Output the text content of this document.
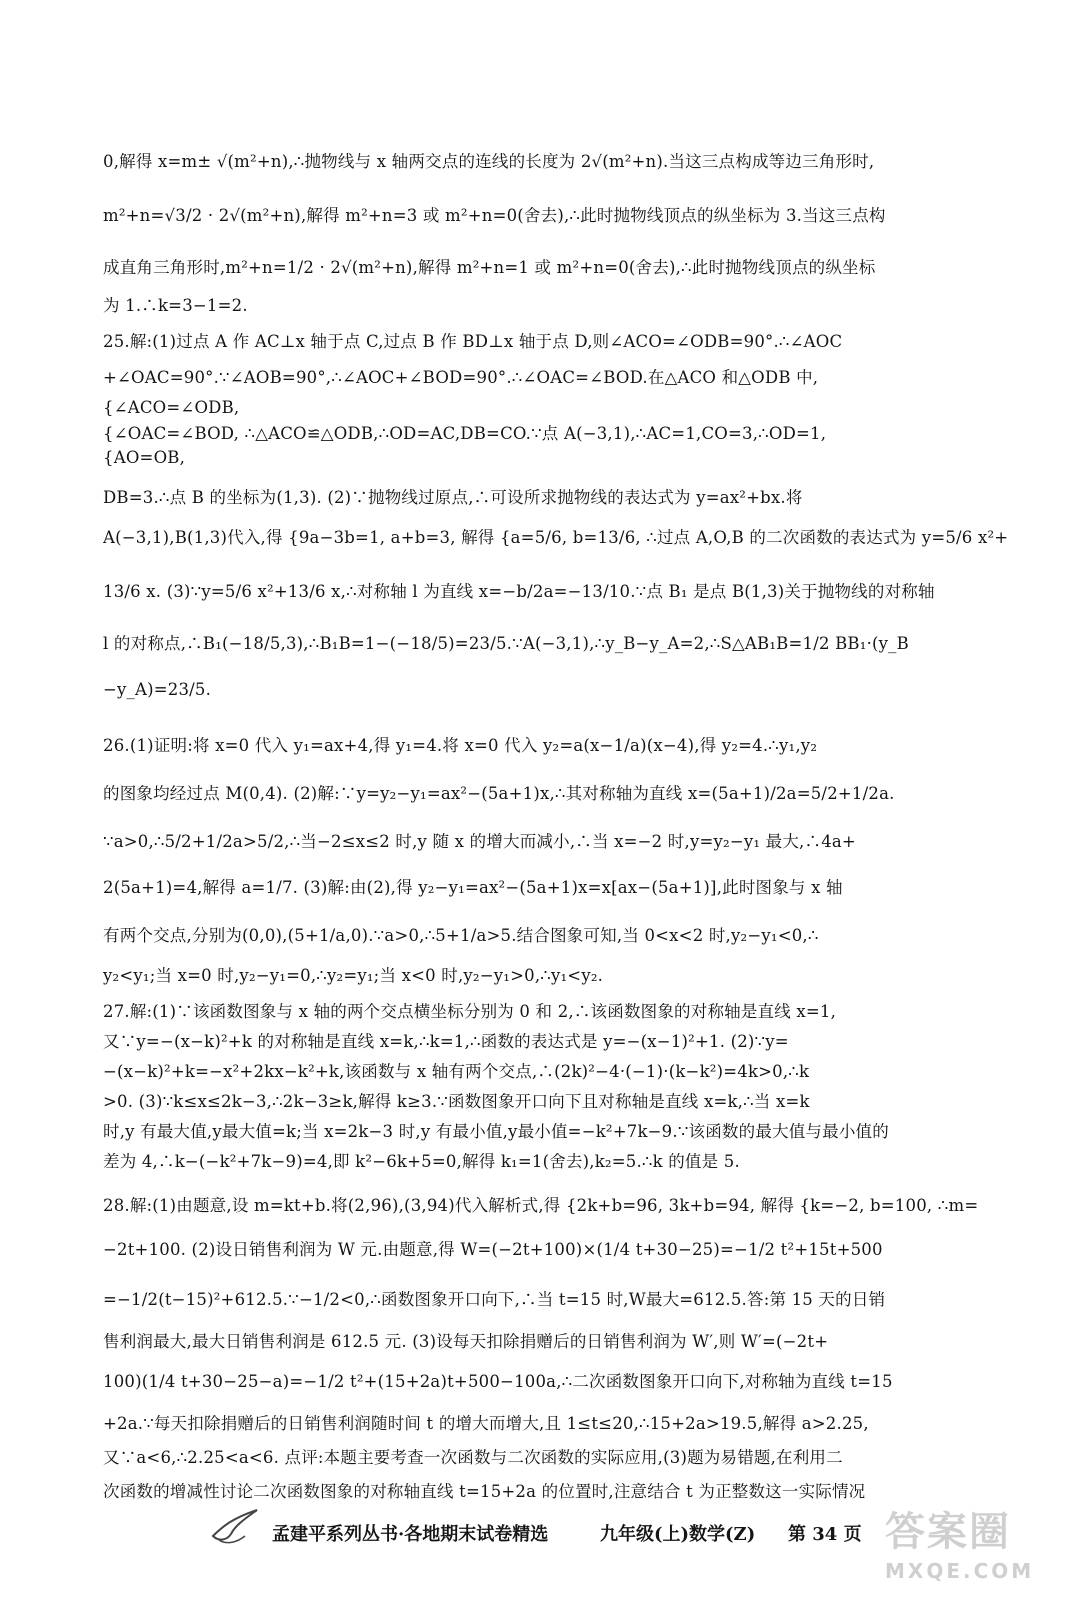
0,解得 x=m± √(m²+n),∴抛物线与 x 轴两交点的连线的长度为 2√(m²+n).当这三点构成等边三角形时,
m²+n=√3/2 · 2√(m²+n),解得 m²+n=3 或 m²+n=0(舍去),∴此时抛物线顶点的纵坐标为 3.当这三点构
成直角三角形时,m²+n=1/2 · 2√(m²+n),解得 m²+n=1 或 m²+n=0(舍去),∴此时抛物线顶点的纵坐标
为 1.∴k=3−1=2.
25.解:(1)过点 A 作 AC⊥x 轴于点 C,过点 B 作 BD⊥x 轴于点 D,则∠ACO=∠ODB=90°.∴∠AOC
+∠OAC=90°.∵∠AOB=90°,∴∠AOC+∠BOD=90°.∴∠OAC=∠BOD.在△ACO 和△ODB 中,
{∠ACO=∠ODB,
{∠OAC=∠BOD, ∴△ACO≌△ODB,∴OD=AC,DB=CO.∵点 A(−3,1),∴AC=1,CO=3,∴OD=1,
{AO=OB,
DB=3.∴点 B 的坐标为(1,3). (2)∵抛物线过原点,∴可设所求抛物线的表达式为 y=ax²+bx.将
A(−3,1),B(1,3)代入,得 {9a−3b=1, a+b=3, 解得 {a=5/6, b=13/6, ∴过点 A,O,B 的二次函数的表达式为 y=5/6 x²+
13/6 x. (3)∵y=5/6 x²+13/6 x,∴对称轴 l 为直线 x=−b/2a=−13/10.∵点 B₁ 是点 B(1,3)关于抛物线的对称轴
l 的对称点,∴B₁(−18/5,3),∴B₁B=1−(−18/5)=23/5.∵A(−3,1),∴y_B−y_A=2,∴S△AB₁B=1/2 BB₁·(y_B
−y_A)=23/5.
26.(1)证明:将 x=0 代入 y₁=ax+4,得 y₁=4.将 x=0 代入 y₂=a(x−1/a)(x−4),得 y₂=4.∴y₁,y₂
的图象均经过点 M(0,4). (2)解:∵y=y₂−y₁=ax²−(5a+1)x,∴其对称轴为直线 x=(5a+1)/2a=5/2+1/2a.
∵a>0,∴5/2+1/2a>5/2,∴当−2≤x≤2 时,y 随 x 的增大而减小,∴当 x=−2 时,y=y₂−y₁ 最大,∴4a+
2(5a+1)=4,解得 a=1/7. (3)解:由(2),得 y₂−y₁=ax²−(5a+1)x=x[ax−(5a+1)],此时图象与 x 轴
有两个交点,分别为(0,0),(5+1/a,0).∵a>0,∴5+1/a>5.结合图象可知,当 0<x<2 时,y₂−y₁<0,∴
y₂<y₁;当 x=0 时,y₂−y₁=0,∴y₂=y₁;当 x<0 时,y₂−y₁>0,∴y₁<y₂.
27.解:(1)∵该函数图象与 x 轴的两个交点横坐标分别为 0 和 2,∴该函数图象的对称轴是直线 x=1,
又∵y=−(x−k)²+k 的对称轴是直线 x=k,∴k=1,∴函数的表达式是 y=−(x−1)²+1. (2)∵y=
−(x−k)²+k=−x²+2kx−k²+k,该函数与 x 轴有两个交点,∴(2k)²−4·(−1)·(k−k²)=4k>0,∴k
>0. (3)∵k≤x≤2k−3,∴2k−3≥k,解得 k≥3.∵函数图象开口向下且对称轴是直线 x=k,∴当 x=k
时,y 有最大值,y最大值=k;当 x=2k−3 时,y 有最小值,y最小值=−k²+7k−9.∵该函数的最大值与最小值的
差为 4,∴k−(−k²+7k−9)=4,即 k²−6k+5=0,解得 k₁=1(舍去),k₂=5.∴k 的值是 5.
28.解:(1)由题意,设 m=kt+b.将(2,96),(3,94)代入解析式,得 {2k+b=96, 3k+b=94, 解得 {k=−2, b=100, ∴m=
−2t+100. (2)设日销售利润为 W 元.由题意,得 W=(−2t+100)×(1/4 t+30−25)=−1/2 t²+15t+500
=−1/2(t−15)²+612.5.∵−1/2<0,∴函数图象开口向下,∴当 t=15 时,W最大=612.5.答:第 15 天的日销
售利润最大,最大日销售利润是 612.5 元. (3)设每天扣除捐赠后的日销售利润为 W′,则 W′=(−2t+
100)(1/4 t+30−25−a)=−1/2 t²+(15+2a)t+500−100a,∴二次函数图象开口向下,对称轴为直线 t=15
+2a.∵每天扣除捐赠后的日销售利润随时间 t 的增大而增大,且 1≤t≤20,∴15+2a>19.5,解得 a>2.25,
又∵a<6,∴2.25<a<6. 点评:本题主要考查一次函数与二次函数的实际应用,(3)题为易错题,在利用二
次函数的增减性讨论二次函数图象的对称轴直线 t=15+2a 的位置时,注意结合 t 为正整数这一实际情况
孟建平系列丛书·各地期末试卷精选	九年级(上)数学(Z) 第 34 页 答案圈
MXQE.COM
